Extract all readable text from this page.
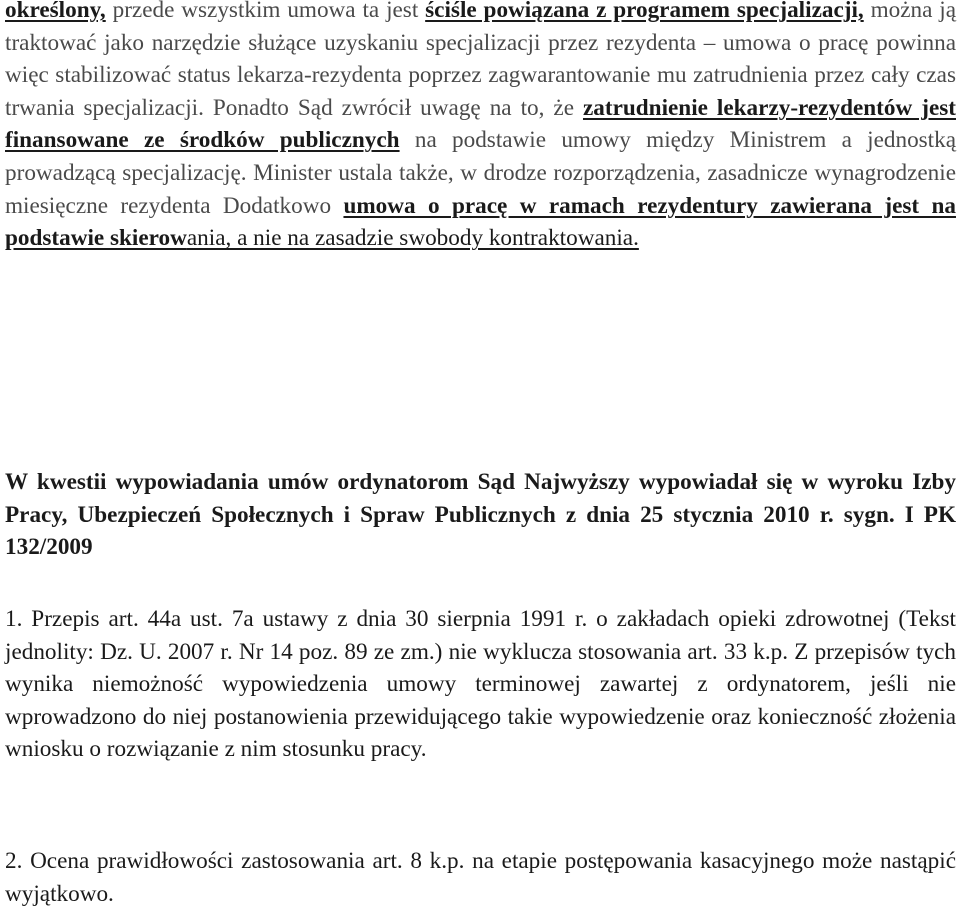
określony, przede wszystkim umowa ta jest ściśle powiązana z programem specjalizacji, można ją traktować jako narzędzie służące uzyskaniu specjalizacji przez rezydenta – umowa o pracę powinna więc stabilizować status lekarza-rezydenta poprzez zagwarantowanie mu zatrudnienia przez cały czas trwania specjalizacji. Ponadto Sąd zwrócił uwagę na to, że zatrudnienie lekarzy-rezydentów jest finansowane ze środków publicznych na podstawie umowy między Ministrem a jednostką prowadzącą specjalizację. Minister ustala także, w drodze rozporządzenia, zasadnicze wynagrodzenie miesięczne rezydenta Dodatkowo umowa o pracę w ramach rezydentury zawierana jest na podstawie skierowania, a nie na zasadzie swobody kontraktowania.

W kwestii wypowiadania umów ordynatorom Sąd Najwyższy wypowiadał się w wyroku Izby Pracy, Ubezpieczeń Społecznych i Spraw Publicznych z dnia 25 stycznia 2010 r. sygn. I PK 132/2009

1. Przepis art. 44a ust. 7a ustawy z dnia 30 sierpnia 1991 r. o zakładach opieki zdrowotnej (Tekst jednolity: Dz. U. 2007 r. Nr 14 poz. 89 ze zm.) nie wyklucza stosowania art. 33 k.p. Z przepisów tych wynika niemożność wypowiedzenia umowy terminowej zawartej z ordynatorem, jeśli nie wprowadzono do niej postanowienia przewidującego takie wypowiedzenie oraz konieczność złożenia wniosku o rozwiązanie z nim stosunku pracy.

2. Ocena prawidłowości zastosowania art. 8 k.p. na etapie postępowania kasacyjnego może nastąpić wyjątkowo.
